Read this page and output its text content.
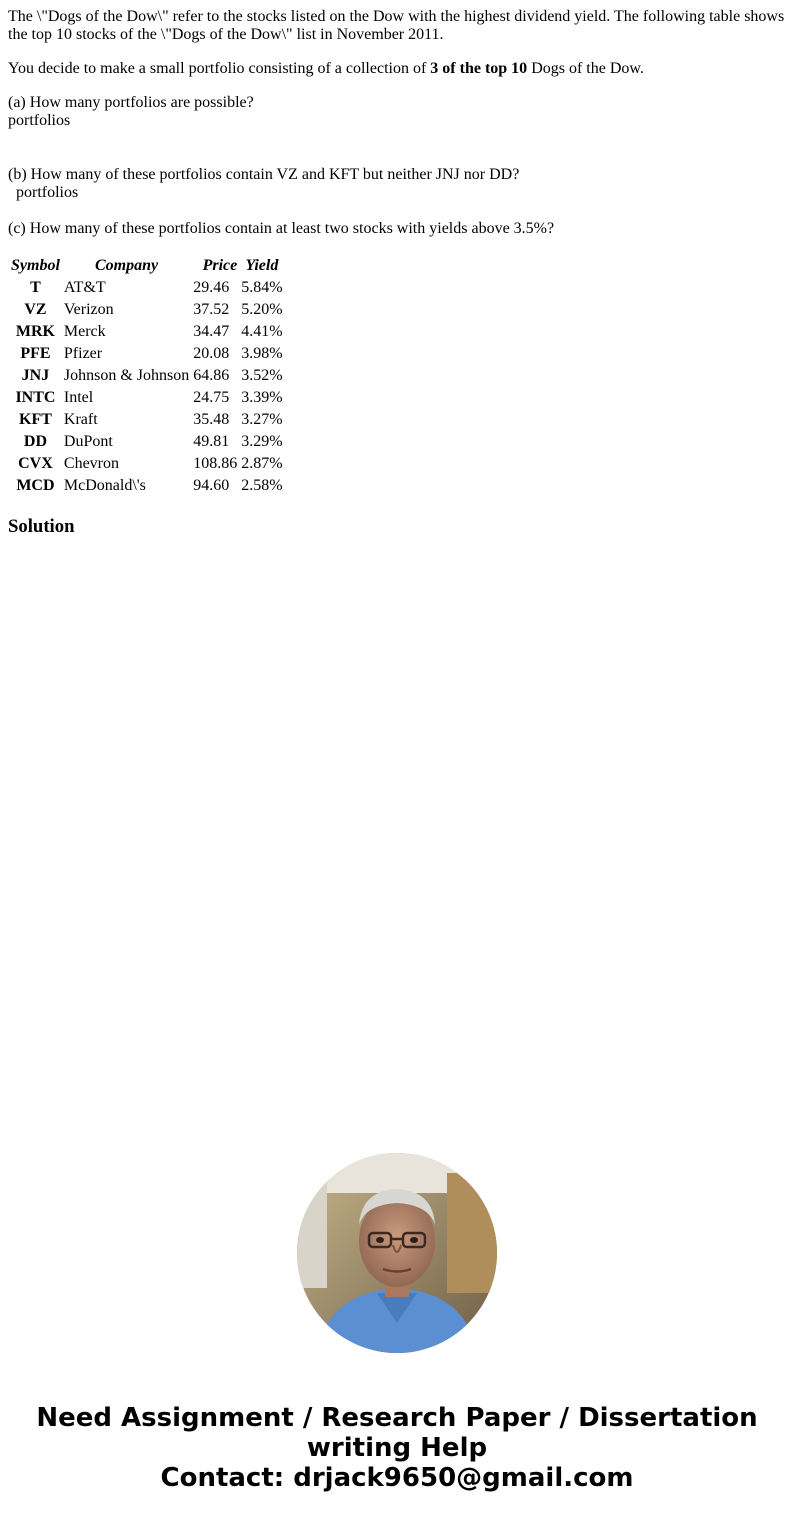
The \"Dogs of the Dow\" refer to the stocks listed on the Dow with the highest dividend yield. The following table shows the top 10 stocks of the \"Dogs of the Dow\" list in November 2011.

You decide to make a small portfolio consisting of a collection of 3 of the top 10 Dogs of the Dow.

(a) How many portfolios are possible?
portfolios
(b) How many of these portfolios contain VZ and KFT but neither JNJ nor DD?
portfolios
(c) How many of these portfolios contain at least two stocks with yields above 3.5%?
Symbol	Company	Price	Yield
T	AT&T	29.46	5.84%
VZ	Verizon	37.52	5.20%
MRK	Merck	34.47	4.41%
PFE	Pfizer	20.08	3.98%
JNJ	Johnson & Johnson	64.86	3.52%
INTC	Intel	24.75	3.39%
KFT	Kraft	35.48	3.27%
DD	DuPont	49.81	3.29%
CVX	Chevron	108.86	2.87%
MCD	McDonald\'s	94.60	2.58%
Solution
Need Assignment / Research Paper / Dissertation
writing Help
Contact: drjack9650@gmail.com
